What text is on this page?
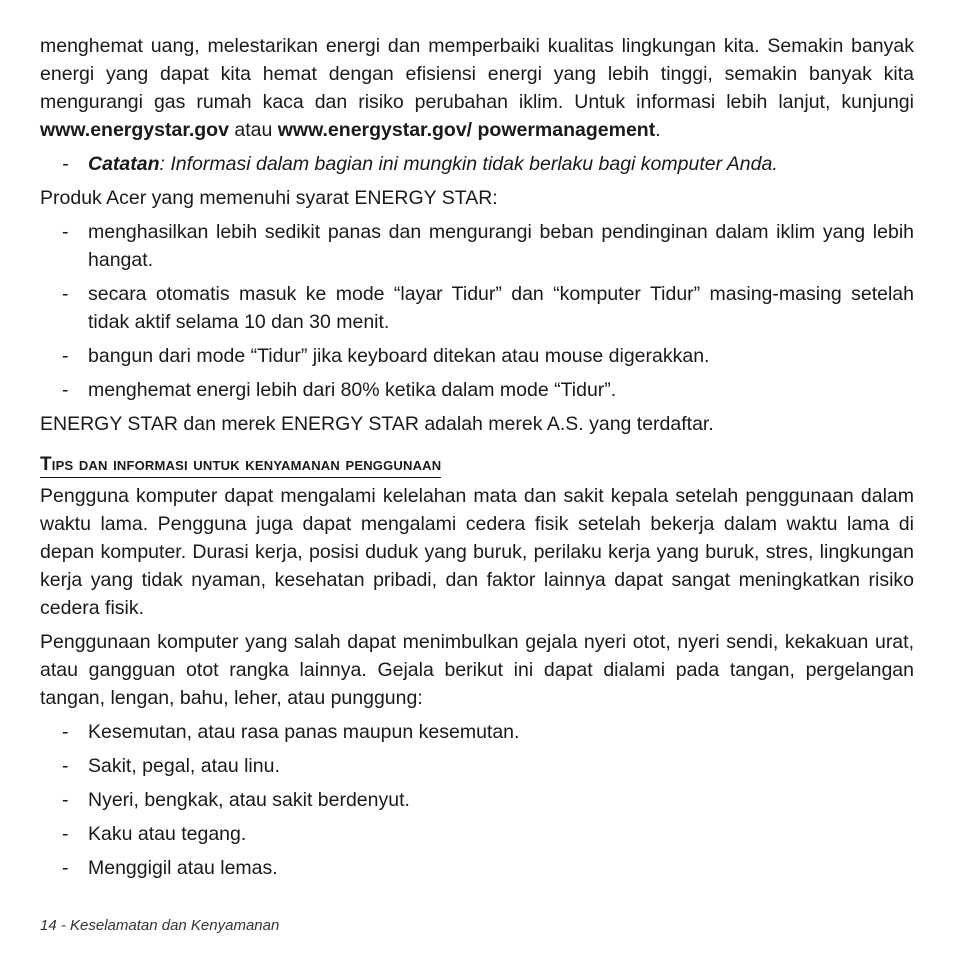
menghemat uang, melestarikan energi dan memperbaiki kualitas lingkungan kita. Semakin banyak energi yang dapat kita hemat dengan efisiensi energi yang lebih tinggi, semakin banyak kita mengurangi gas rumah kaca dan risiko perubahan iklim. Untuk informasi lebih lanjut, kunjungi www.energystar.gov atau www.energystar.gov/ powermanagement.

- Catatan: Informasi dalam bagian ini mungkin tidak berlaku bagi komputer Anda.

Produk Acer yang memenuhi syarat ENERGY STAR:

- menghasilkan lebih sedikit panas dan mengurangi beban pendinginan dalam iklim yang lebih hangat.
- secara otomatis masuk ke mode “layar Tidur” dan “komputer Tidur” masing-masing setelah tidak aktif selama 10 dan 30 menit.
- bangun dari mode “Tidur” jika keyboard ditekan atau mouse digerakkan.
- menghemat energi lebih dari 80% ketika dalam mode “Tidur”.

ENERGY STAR dan merek ENERGY STAR adalah merek A.S. yang terdaftar.

Tips dan informasi untuk kenyamanan penggunaan

Pengguna komputer dapat mengalami kelelahan mata dan sakit kepala setelah penggunaan dalam waktu lama. Pengguna juga dapat mengalami cedera fisik setelah bekerja dalam waktu lama di depan komputer. Durasi kerja, posisi duduk yang buruk, perilaku kerja yang buruk, stres, lingkungan kerja yang tidak nyaman, kesehatan pribadi, dan faktor lainnya dapat sangat meningkatkan risiko cedera fisik.

Penggunaan komputer yang salah dapat menimbulkan gejala nyeri otot, nyeri sendi, kekakuan urat, atau gangguan otot rangka lainnya. Gejala berikut ini dapat dialami pada tangan, pergelangan tangan, lengan, bahu, leher, atau punggung:

- Kesemutan, atau rasa panas maupun kesemutan.
- Sakit, pegal, atau linu.
- Nyeri, bengkak, atau sakit berdenyut.
- Kaku atau tegang.
- Menggigil atau lemas.
14 - Keselamatan dan Kenyamanan
